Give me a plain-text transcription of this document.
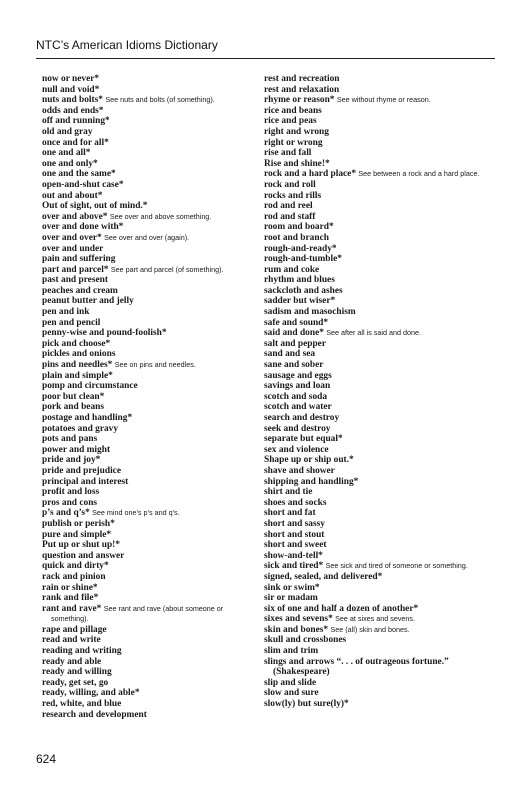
NTC’s American Idioms Dictionary
now or never*
null and void*
nuts and bolts* See nuts and bolts (of something).
odds and ends*
off and running*
old and gray
once and for all*
one and all*
one and only*
one and the same*
open-and-shut case*
out and about*
Out of sight, out of mind.*
over and above* See over and above something.
over and done with*
over and over* See over and over (again).
over and under
pain and suffering
part and parcel* See part and parcel (of something).
past and present
peaches and cream
peanut butter and jelly
pen and ink
pen and pencil
penny-wise and pound-foolish*
pick and choose*
pickles and onions
pins and needles* See on pins and needles.
plain and simple*
pomp and circumstance
poor but clean*
pork and beans
postage and handling*
potatoes and gravy
pots and pans
power and might
pride and joy*
pride and prejudice
principal and interest
profit and loss
pros and cons
p’s and q’s* See mind one’s p’s and q’s.
publish or perish*
pure and simple*
Put up or shut up!*
question and answer
quick and dirty*
rack and pinion
rain or shine*
rank and file*
rant and rave* See rant and rave (about someone or something).
rape and pillage
read and write
reading and writing
ready and able
ready and willing
ready, get set, go
ready, willing, and able*
red, white, and blue
research and development
rest and recreation
rest and relaxation
rhyme or reason* See without rhyme or reason.
rice and beans
rice and peas
right and wrong
right or wrong
rise and fall
Rise and shine!*
rock and a hard place* See between a rock and a hard place.
rock and roll
rocks and rills
rod and reel
rod and staff
room and board*
root and branch
rough-and-ready*
rough-and-tumble*
rum and coke
rhythm and blues
sackcloth and ashes
sadder but wiser*
sadism and masochism
safe and sound*
said and done* See after all is said and done.
salt and pepper
sand and sea
sane and sober
sausage and eggs
savings and loan
scotch and soda
scotch and water
search and destroy
seek and destroy
separate but equal*
sex and violence
Shape up or ship out.*
shave and shower
shipping and handling*
shirt and tie
shoes and socks
short and fat
short and sassy
short and stout
short and sweet
show-and-tell*
sick and tired* See sick and tired of someone or something.
signed, sealed, and delivered*
sink or swim*
sir or madam
six of one and half a dozen of another*
sixes and sevens* See at sixes and sevens.
skin and bones* See (all) skin and bones.
skull and crossbones
slim and trim
slings and arrows “. . . of outrageous fortune.” (Shakespeare)
slip and slide
slow and sure
slow(ly) but sure(ly)*
624
